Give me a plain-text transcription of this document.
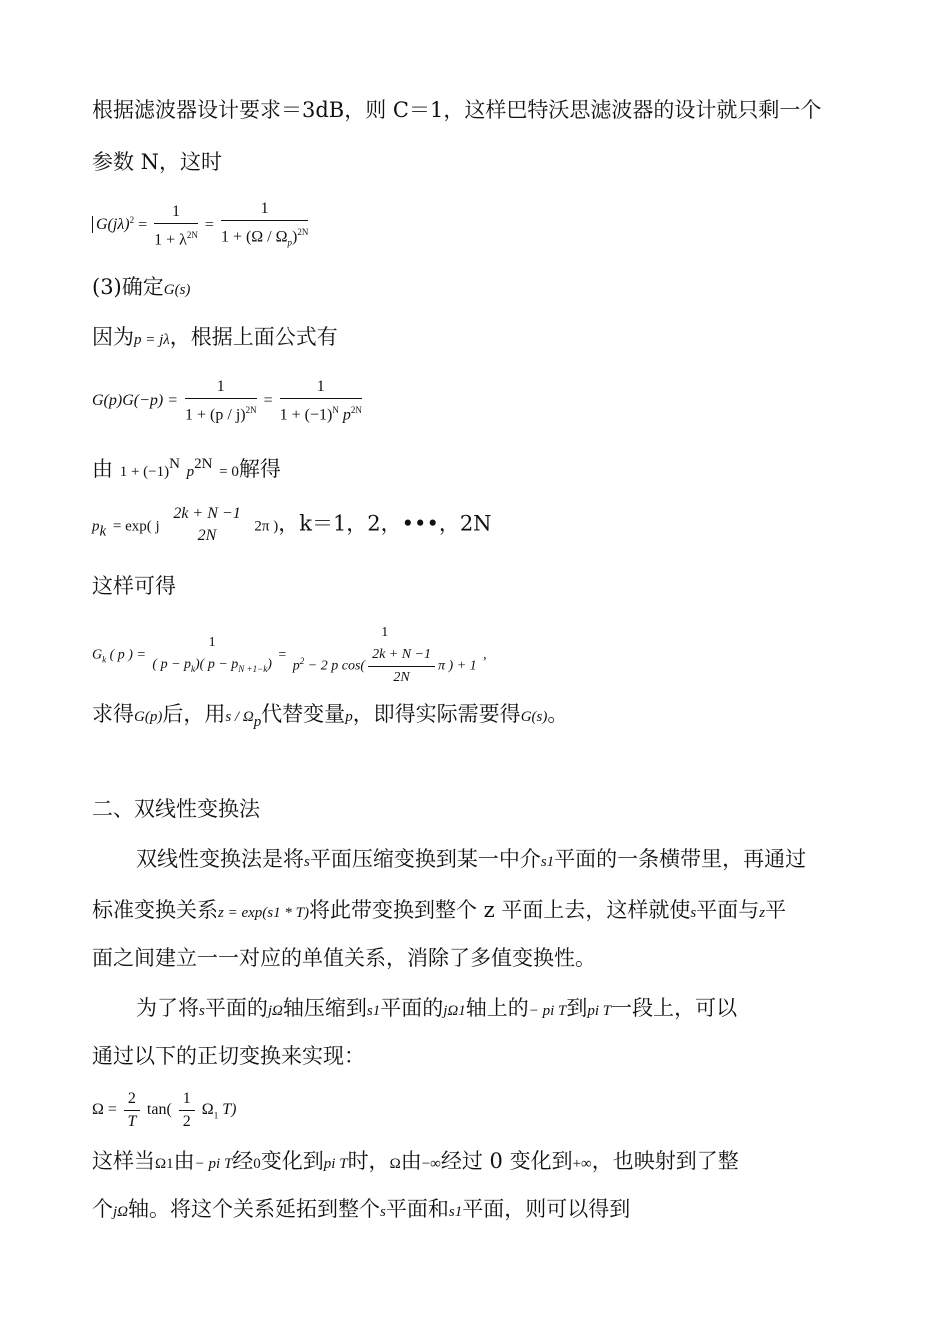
根据滤波器设计要求＝3dB，则 C＝1，这样巴特沃思滤波器的设计就只剩一个
参数 N，这时
$G(j\lambda)^2 = \frac{1}{1 + \lambda^{2N}} = \frac{1}{1 + (\Omega / \Omega_p)^{2N}}$
(3)确定G(s)
因为p = jλ，根据上面公式有
$G(p)G(-p) = \frac{1}{1 + (p / j)^{2N}} = \frac{1}{1 + (-1)^N p^{2N}}$
由 $1 + (-1)^N$ $p^{2N} = 0$解得
$p_k = \exp$( j
2k + N −1
2N
2π )，k＝1，2，•••，2N
这样可得
$G_k$ ( p ) =
1
( $p - p_k$)( $p - p_{N +1-k}$)
=
1
$p^2 - 2$ p $\cos( \frac{2k + N -1}{2N}$ π ) + 1
,
求得G(p)后，用s / $\Omega_p$代替变量p，即得实际需要得G(s)。
二、双线性变换法
双线性变换法是将s平面压缩变换到某一中介s1平面的一条横带里，再通过
标准变换关系z = exp(s1 * T)将此带变换到整个 z 平面上去，这样就使s平面与z平
面之间建立一一对应的单值关系，消除了多值变换性。
为了将s平面的jΩ轴压缩到s1平面的jΩ1轴上的− pi T到pi T一段上，可以
通过以下的正切变换来实现：
$\Omega = \frac{2}{T} \tan( \frac{1}{2} \Omega_1$ T)
这样当Ω1由− pi T经0变化到pi T时，Ω由−∞经过 0 变化到+∞，也映射到了整
个jΩ轴。将这个关系延拓到整个s平面和s1平面，则可以得到
